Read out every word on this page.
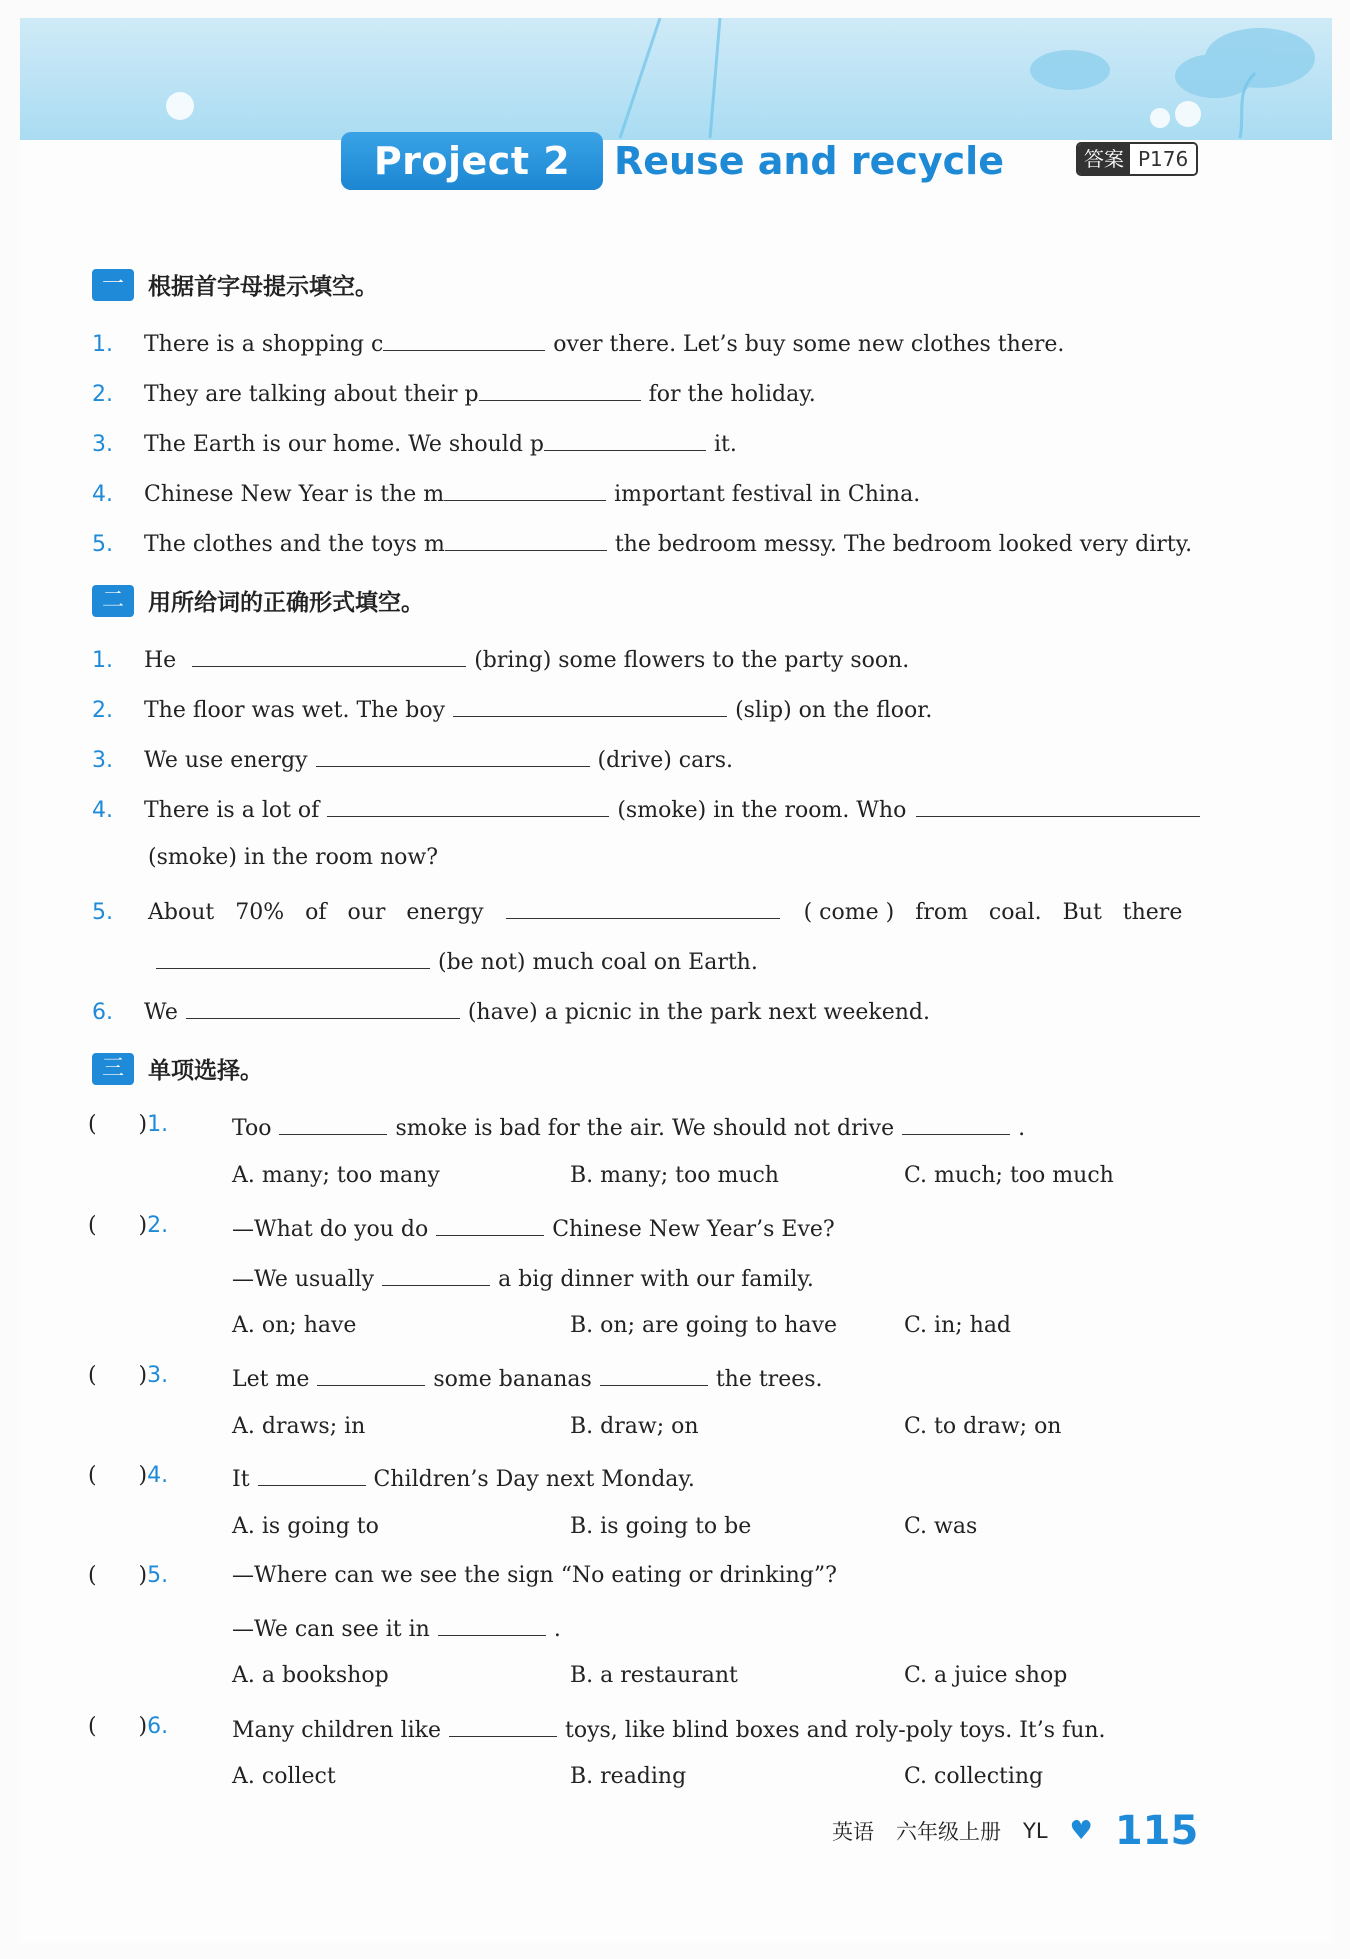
Project 2	Reuse and recycle	答案 P176
一	根据首字母提示填空。
1. There is a shopping c	over there. Let’s buy some new clothes there.
2. They are talking about their p	for the holiday.
3. The Earth is our home. We should p	it.
4. Chinese New Year is the m	important festival in China.
5. The clothes and the toys m	the bedroom messy. The bedroom looked very dirty.
二	用所给词的正确形式填空。
1. He	(bring) some flowers to the party soon.
2. The floor was wet. The boy	(slip) on the floor.
3. We use energy	(drive) cars.
4. There is a lot of	(smoke) in the room. Who
(smoke) in the room now?
5. About   70%   of   our   energy	( come )   from   coal.   But   there
(be not) much coal on Earth.
6. We	(have) a picnic in the park next weekend.
三	单项选择。
(      )1.	Too	smoke is bad for the air. We should not drive	.
A. many; too many	B. many; too much	C. much; too much
(      )2.	—What do you do	Chinese New Year’s Eve?
—We usually	a big dinner with our family.
A. on; have	B. on; are going to have	C. in; had
(      )3.	Let me	some bananas	the trees.
A. draws; in	B. draw; on	C. to draw; on
(      )4.	It	Children’s Day next Monday.
A. is going to	B. is going to be	C. was
(      )5.	—Where can we see the sign “No eating or drinking”?
—We can see it in	.
A. a bookshop	B. a restaurant	C. a juice shop
(      )6.	Many children like	toys, like blind boxes and roly-poly toys. It’s fun.
A. collect	B. reading	C. collecting
英语 六年级上册 YL ♥ 115
